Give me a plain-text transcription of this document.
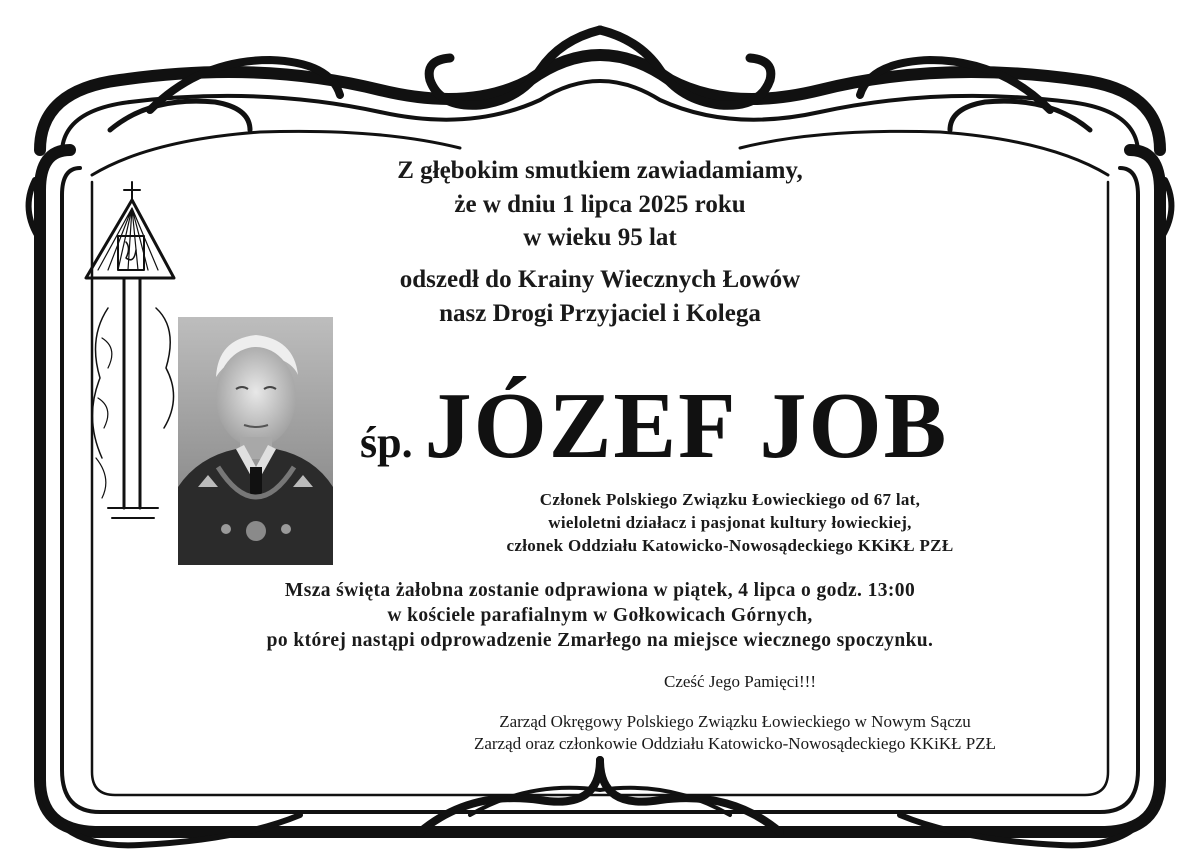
Z głębokim smutkiem zawiadamiamy,
że w dniu 1 lipca 2025 roku
w wieku 95 lat
odszedł do Krainy Wiecznych Łowów
nasz Drogi Przyjaciel i Kolega
śp. JÓZEF JOB
Członek Polskiego Związku Łowieckiego od 67 lat,
wieloletni działacz i pasjonat kultury łowieckiej,
członek Oddziału Katowicko-Nowosądeckiego KKiKŁ PZŁ
Msza święta żałobna zostanie odprawiona w piątek, 4 lipca o godz. 13:00
w kościele parafialnym w Gołkowicach Górnych,
po której nastąpi odprowadzenie Zmarłego na miejsce wiecznego spoczynku.
Cześć Jego Pamięci!!!
Zarząd Okręgowy Polskiego Związku Łowieckiego w Nowym Sączu
Zarząd oraz członkowie Oddziału Katowicko-Nowosądeckiego KKiKŁ PZŁ
